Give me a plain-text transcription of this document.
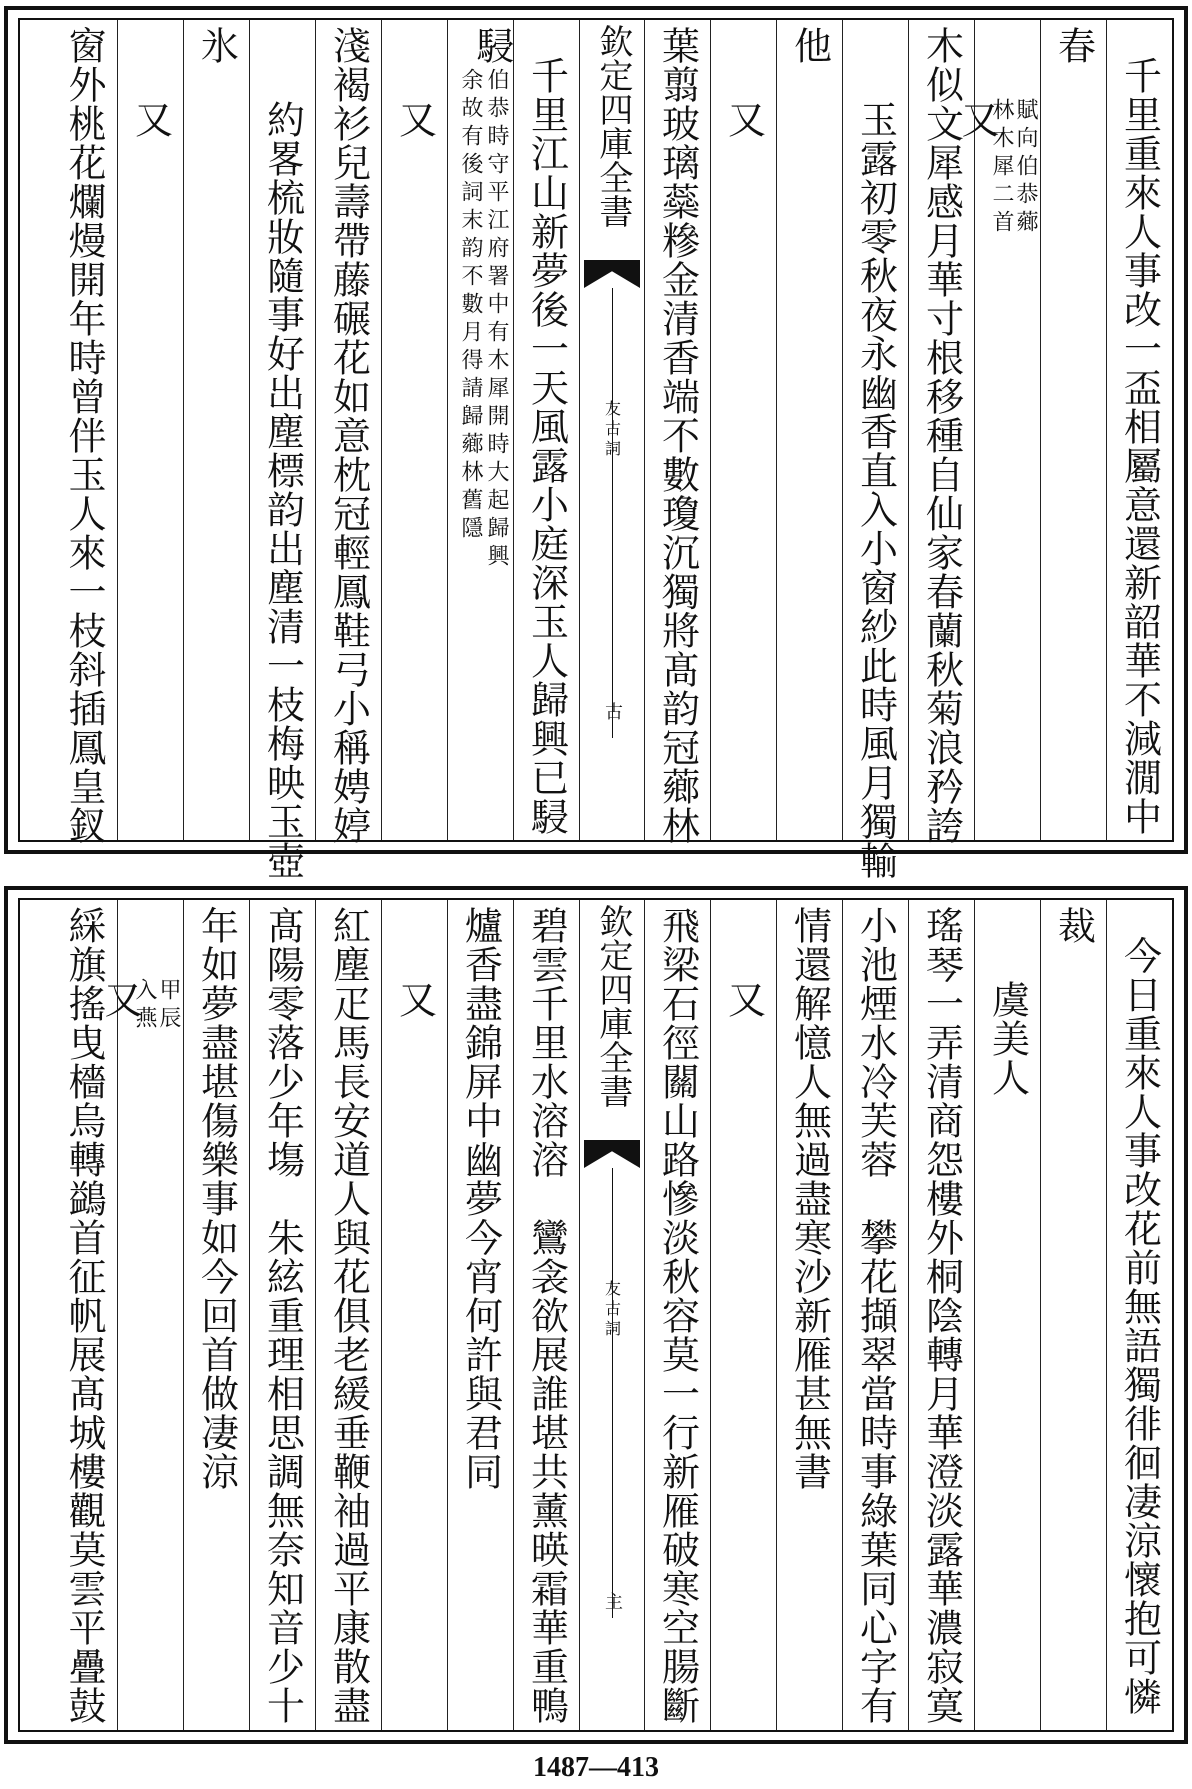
千里重來人事改一盃相屬意還新韶華不減㵎中
春
又 賦向伯恭薌
林木犀二首
木似文犀感月華寸根移種自仙家春蘭秋菊浪矜誇
玉露初零秋夜永幽香直入小窗紗此時風月獨輸
他
又
葉翦玻璃蘂糝金清香端不數瓊沉獨將髙韵冠薌林
欽定四庫全書
友古詞
古
千里江山新夢後一天風露小庭深玉人歸興已駸
駸
伯恭時守平江府署中有木犀開時大起歸興
余故有後詞末韵不數月得請歸薌林舊隱
又
淺褐衫兒壽帶藤碾花如意枕冠輕鳳鞋弓小稱娉婷
約畧梳妝隨事好出塵標韵出塵清一枝梅映玉壺
氷
又
窗外桃花爛熳開年時曾伴玉人來一枝斜插鳳皇釵
今日重來人事改花前無語獨徘徊凄涼懷抱可憐
裁
虞美人
瑤琴一弄清商怨樓外桐陰轉月華澄淡露華濃寂寞
小池煙水冷芙蓉　攀花擷翠當時事綠葉同心字有
情還解憶人無過盡寒沙新雁甚無書
又
飛梁石徑關山路慘淡秋容莫一行新雁破寒空腸斷
欽定四庫全書
友古詞
主
碧雲千里水溶溶　鸞衾欲展誰堪共薰暎霜華重鴨
爐香盡錦屏中幽夢今宵何許與君同
又
紅塵疋馬長安道人與花俱老緩垂鞭袖過平康散盡
髙陽零落少年塲　朱絃重理相思調無奈知音少十
年如夢盡堪傷樂事如今回首做凄涼
又 甲辰
入燕
綵旗搖曳檣烏轉鷁首征帆展髙城樓觀莫雲平疊鼓
1487—413
